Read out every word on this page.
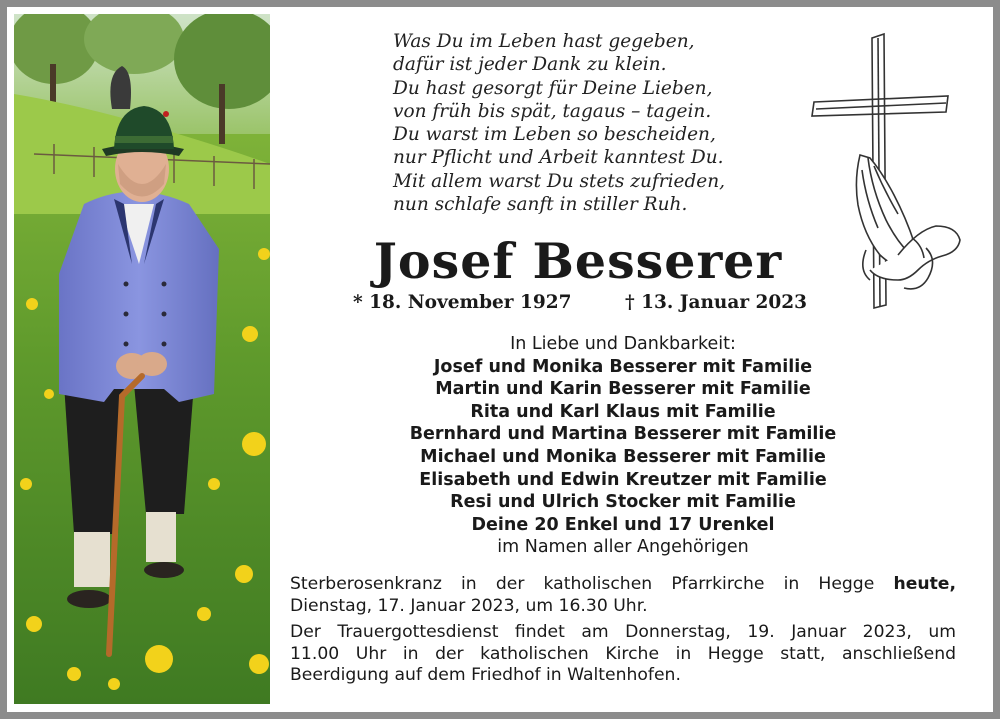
Was Du im Leben hast gegeben,
dafür ist jeder Dank zu klein.
Du hast gesorgt für Deine Lieben,
von früh bis spät, tagaus – tagein.
Du warst im Leben so bescheiden,
nur Pflicht und Arbeit kanntest Du.
Mit allem warst Du stets zufrieden,
nun schlafe sanft in stiller Ruh.
Josef Besserer
* 18. November 1927	† 13. Januar 2023
In Liebe und Dankbarkeit:
Josef und Monika Besserer mit Familie
Martin und Karin Besserer mit Familie
Rita und Karl Klaus mit Familie
Bernhard und Martina Besserer mit Familie
Michael und Monika Besserer mit Familie
Elisabeth und Edwin Kreutzer mit Familie
Resi und Ulrich Stocker mit Familie
Deine 20 Enkel und 17 Urenkel
im Namen aller Angehörigen
Sterberosenkranz in der katholischen Pfarrkirche in Hegge heute,
Dienstag, 17. Januar 2023, um 16.30 Uhr.
Der Trauergottesdienst findet am Donnerstag, 19. Januar 2023, um
11.00 Uhr in der katholischen Kirche in Hegge statt, anschließend
Beerdigung auf dem Friedhof in Waltenhofen.
